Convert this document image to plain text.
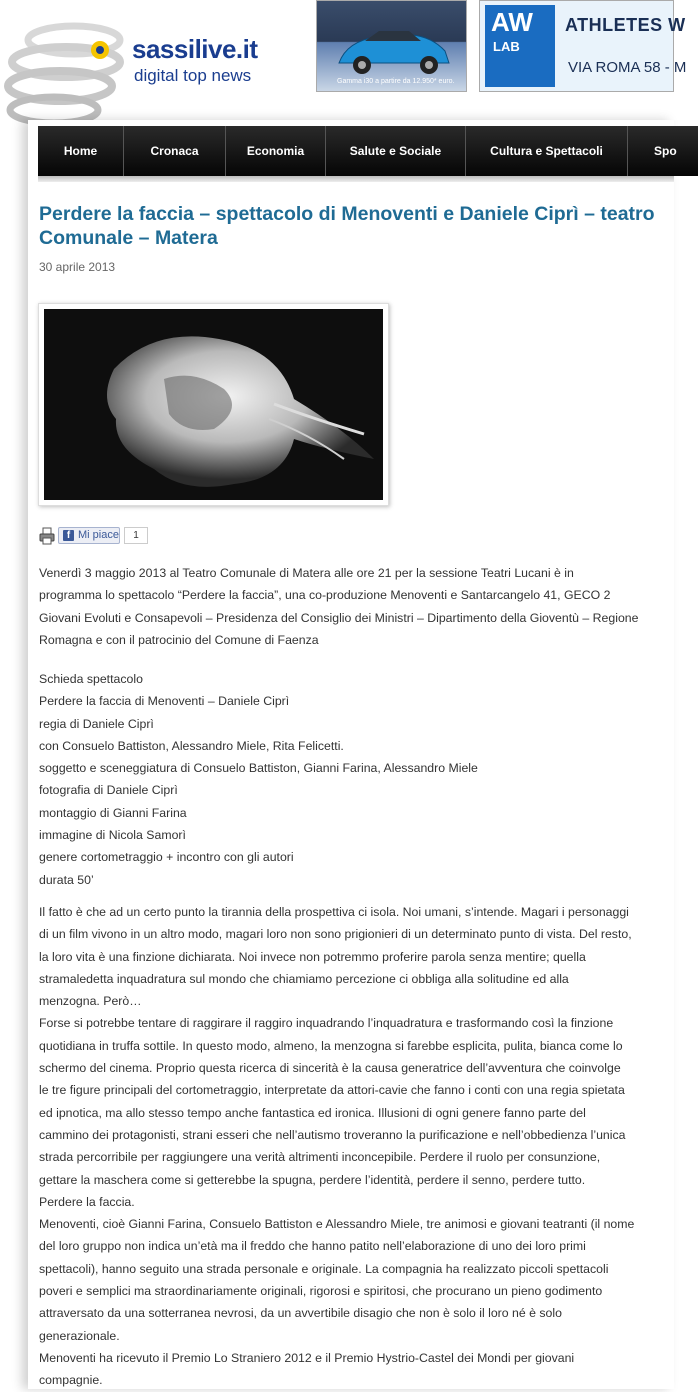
sassilive.it
digital top news	Gamma i30 a partire da 12.950* euro.
AW
LAB
ATHLETES W
VIA ROMA 58 - M
Home	Cronaca	Economia	Salute e Sociale	Cultura e Spettacoli	Spo
Perdere la faccia – spettacolo di Menoventi e Daniele Ciprì – teatro Comunale – Matera
30 aprile 2013
f Mi piace	1
Venerdì 3 maggio 2013 al Teatro Comunale di Matera alle ore 21 per la sessione Teatri Lucani è in
programma lo spettacolo “Perdere la faccia”, una co-produzione Menoventi e Santarcangelo 41, GECO 2
Giovani Evoluti e Consapevoli – Presidenza del Consiglio dei Ministri – Dipartimento della Gioventù – Regione
Romagna e con il patrocinio del Comune di Faenza
Schieda spettacolo
Perdere la faccia di Menoventi – Daniele Ciprì
regia di Daniele Ciprì
con Consuelo Battiston, Alessandro Miele, Rita Felicetti.
soggetto e sceneggiatura di Consuelo Battiston, Gianni Farina, Alessandro Miele
fotografia di Daniele Ciprì
montaggio di Gianni Farina
immagine di Nicola Samorì
genere cortometraggio + incontro con gli autori
durata 50’
Il fatto è che ad un certo punto la tirannia della prospettiva ci isola. Noi umani, s’intende. Magari i personaggi
di un film vivono in un altro modo, magari loro non sono prigionieri di un determinato punto di vista. Del resto,
la loro vita è una finzione dichiarata. Noi invece non potremmo proferire parola senza mentire; quella
stramaledetta inquadratura sul mondo che chiamiamo percezione ci obbliga alla solitudine ed alla
menzogna. Però…
Forse si potrebbe tentare di raggirare il raggiro inquadrando l’inquadratura e trasformando così la finzione
quotidiana in truffa sottile. In questo modo, almeno, la menzogna si farebbe esplicita, pulita, bianca come lo
schermo del cinema. Proprio questa ricerca di sincerità è la causa generatrice dell’avventura che coinvolge
le tre figure principali del cortometraggio, interpretate da attori-cavie che fanno i conti con una regia spietata
ed ipnotica, ma allo stesso tempo anche fantastica ed ironica. Illusioni di ogni genere fanno parte del
cammino dei protagonisti, strani esseri che nell’autismo troveranno la purificazione e nell’obbedienza l’unica
strada percorribile per raggiungere una verità altrimenti inconcepibile. Perdere il ruolo per consunzione,
gettare la maschera come si getterebbe la spugna, perdere l’identità, perdere il senno, perdere tutto.
Perdere la faccia.
Menoventi, cioè Gianni Farina, Consuelo Battiston e Alessandro Miele, tre animosi e giovani teatranti (il nome
del loro gruppo non indica un’età ma il freddo che hanno patito nell’elaborazione di uno dei loro primi
spettacoli), hanno seguito una strada personale e originale. La compagnia ha realizzato piccoli spettacoli
poveri e semplici ma straordinariamente originali, rigorosi e spiritosi, che procurano un pieno godimento
attraversato da una sotterranea nevrosi, da un avvertibile disagio che non è solo il loro né è solo
generazionale.
Menoventi ha ricevuto il Premio Lo Straniero 2012 e il Premio Hystrio-Castel dei Mondi per giovani
compagnie.
